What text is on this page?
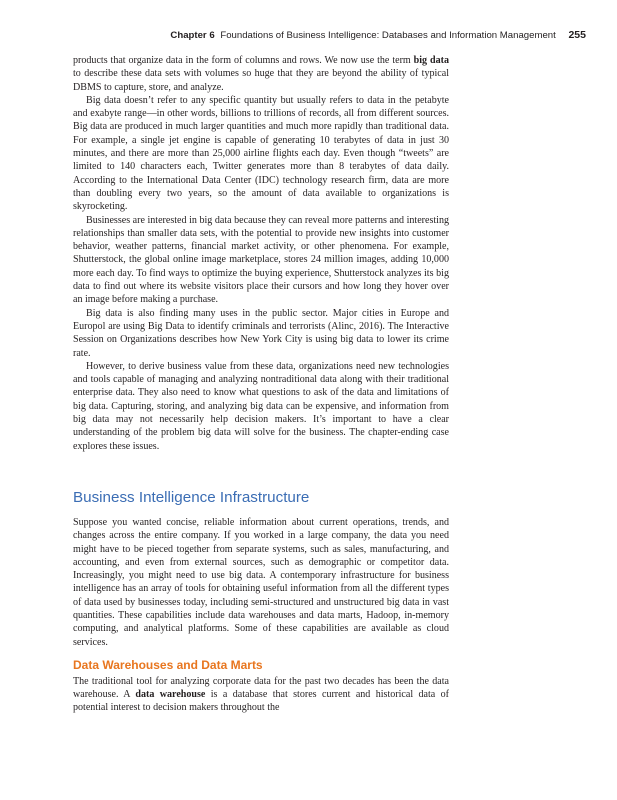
Chapter 6 Foundations of Business Intelligence: Databases and Information Management 255

products that organize data in the form of columns and rows. We now use the term big data to describe these data sets with volumes so huge that they are beyond the ability of typical DBMS to capture, store, and analyze.

Big data doesn’t refer to any specific quantity but usually refers to data in the petabyte and exabyte range—in other words, billions to trillions of records, all from different sources. Big data are produced in much larger quantities and much more rapidly than traditional data. For example, a single jet engine is capable of generating 10 terabytes of data in just 30 minutes, and there are more than 25,000 airline flights each day. Even though “tweets” are limited to 140 characters each, Twitter generates more than 8 terabytes of data daily. According to the International Data Center (IDC) technology research firm, data are more than doubling every two years, so the amount of data available to organizations is skyrocketing.

Businesses are interested in big data because they can reveal more patterns and interesting relationships than smaller data sets, with the potential to provide new insights into customer behavior, weather patterns, financial market activity, or other phenomena. For example, Shutterstock, the global online image marketplace, stores 24 million images, adding 10,000 more each day. To find ways to optimize the buying experience, Shutterstock analyzes its big data to find out where its website visitors place their cursors and how long they hover over an image before making a purchase.

Big data is also finding many uses in the public sector. Major cities in Europe and Europol are using Big Data to identify criminals and terrorists (Alinc, 2016). The Interactive Session on Organizations describes how New York City is using big data to lower its crime rate.

However, to derive business value from these data, organizations need new technologies and tools capable of managing and analyzing nontraditional data along with their traditional enterprise data. They also need to know what questions to ask of the data and limitations of big data. Capturing, storing, and analyzing big data can be expensive, and information from big data may not necessarily help decision makers. It’s important to have a clear understanding of the problem big data will solve for the business. The chapter-ending case explores these issues.

Business Intelligence Infrastructure

Suppose you wanted concise, reliable information about current operations, trends, and changes across the entire company. If you worked in a large company, the data you need might have to be pieced together from separate systems, such as sales, manufacturing, and accounting, and even from external sources, such as demographic or competitor data. Increasingly, you might need to use big data. A contemporary infrastructure for business intelligence has an array of tools for obtaining useful information from all the different types of data used by businesses today, including semi-structured and unstructured big data in vast quantities. These capabilities include data warehouses and data marts, Hadoop, in-memory computing, and analytical platforms. Some of these capabilities are available as cloud services.

Data Warehouses and Data Marts

The traditional tool for analyzing corporate data for the past two decades has been the data warehouse. A data warehouse is a database that stores current and historical data of potential interest to decision makers throughout the
